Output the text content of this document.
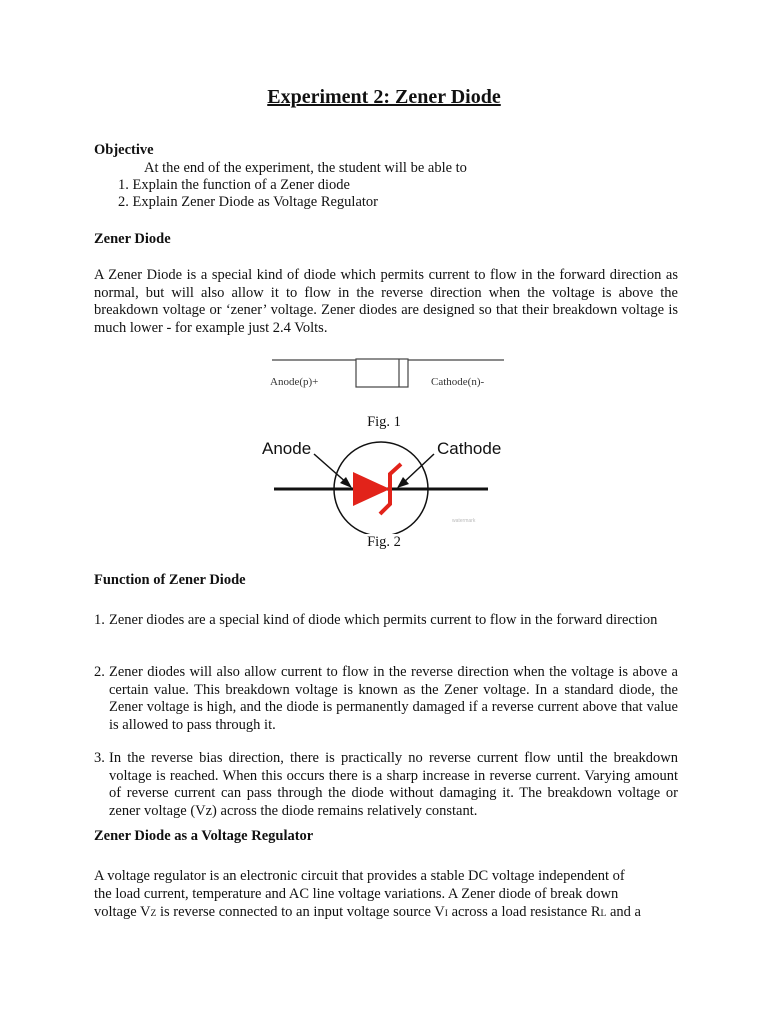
Experiment 2: Zener Diode
Objective
At the end of the experiment, the student will be able to
1. Explain the function of a Zener diode
2. Explain Zener Diode as Voltage Regulator
Zener Diode
A Zener Diode is a special kind of diode which permits current to flow in the forward direction as normal, but will also allow it to flow in the reverse direction when the voltage is above the breakdown voltage or ‘zener’ voltage. Zener diodes are designed so that their breakdown voltage is much lower - for example just 2.4 Volts.
Anode(p)+	Cathode(n)-
Fig. 1
watermark
Anode	Cathode
Fig. 2
Function of Zener Diode
1. Zener diodes are a special kind of diode which permits current to flow in the forward direction
2. Zener diodes will also allow current to flow in the reverse direction when the voltage is above a certain value. This breakdown voltage is known as the Zener voltage. In a standard diode, the Zener voltage is high, and the diode is permanently damaged if a reverse current above that value is allowed to pass through it.
3. In the reverse bias direction, there is practically no reverse current flow until the breakdown voltage is reached. When this occurs there is a sharp increase in reverse current. Varying amount of reverse current can pass through the diode without damaging it. The breakdown voltage or zener voltage (Vz) across the diode remains relatively constant.
Zener Diode as a Voltage Regulator
A voltage regulator is an electronic circuit that provides a stable DC voltage independent of
the load current, temperature and AC line voltage variations. A Zener diode of break down
voltage VZ is reverse connected to an input voltage source VI across a load resistance RL and a
